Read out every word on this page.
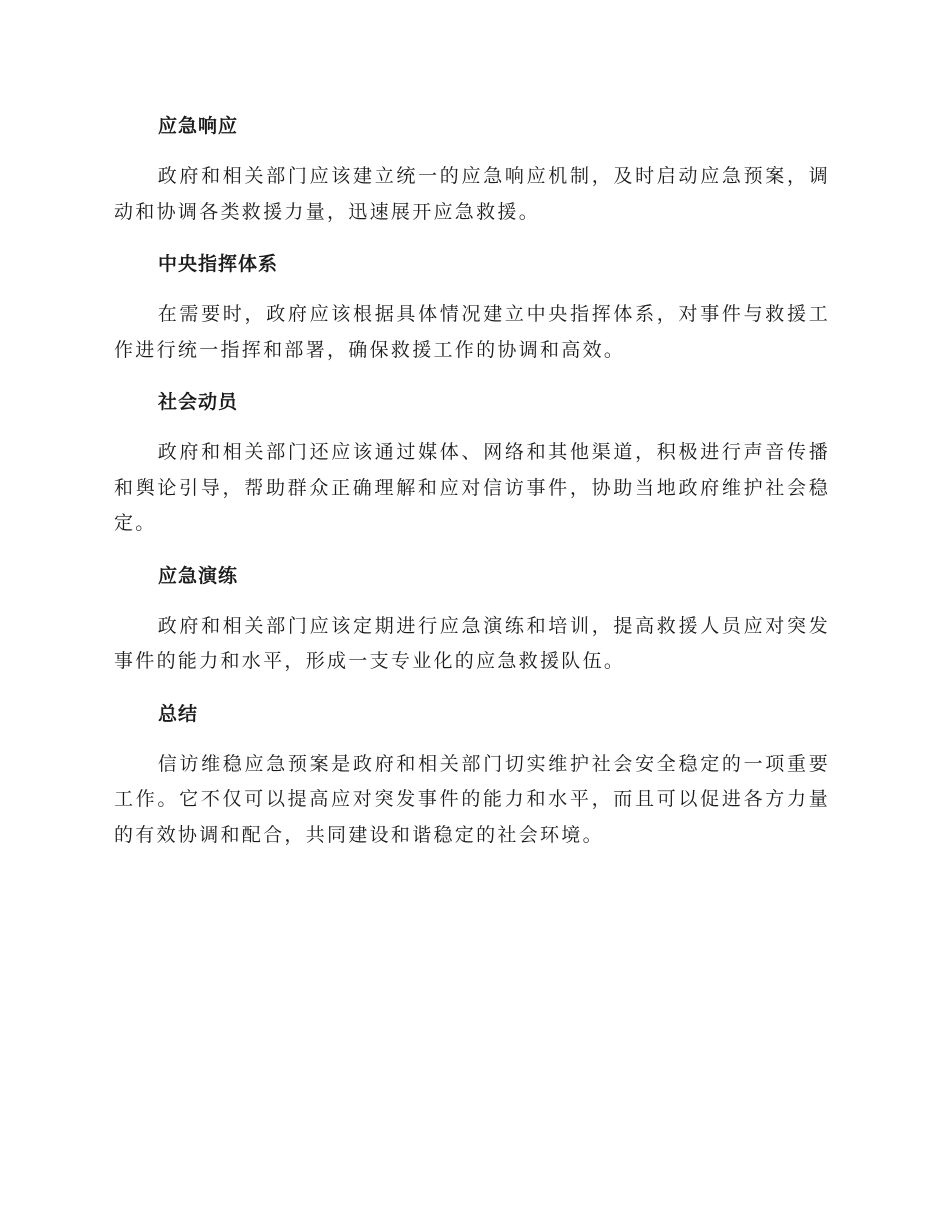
应急响应

政府和相关部门应该建立统一的应急响应机制，及时启动应急预案，调动和协调各类救援力量，迅速展开应急救援。

中央指挥体系

在需要时，政府应该根据具体情况建立中央指挥体系，对事件与救援工作进行统一指挥和部署，确保救援工作的协调和高效。

社会动员

政府和相关部门还应该通过媒体、网络和其他渠道，积极进行声音传播和舆论引导，帮助群众正确理解和应对信访事件，协助当地政府维护社会稳定。

应急演练

政府和相关部门应该定期进行应急演练和培训，提高救援人员应对突发事件的能力和水平，形成一支专业化的应急救援队伍。

总结

信访维稳应急预案是政府和相关部门切实维护社会安全稳定的一项重要工作。它不仅可以提高应对突发事件的能力和水平，而且可以促进各方力量的有效协调和配合，共同建设和谐稳定的社会环境。
